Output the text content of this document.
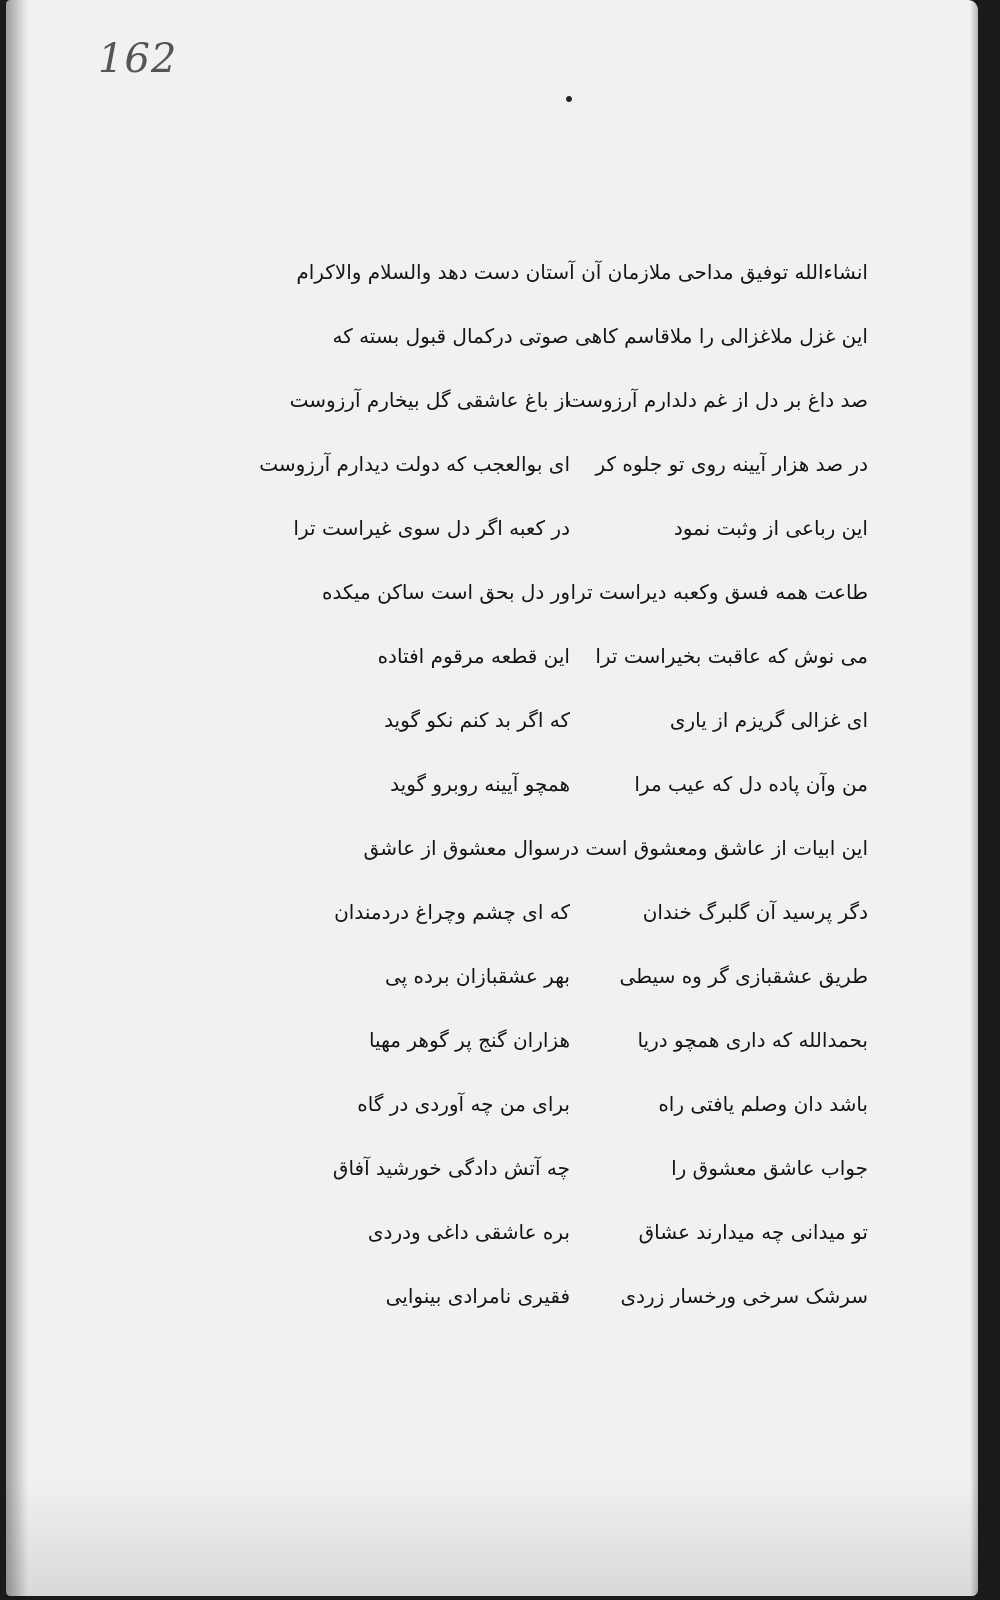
162
انشاءالله توفیق مداحی ملازمان آن آستان دست دهد والسلام والاکرام
این غزل ملاغزالی را ملاقاسم کاهی صوتی درکمال قبول بسته که
صد داغ بر دل از غم دلدارم آرزوست
از باغ عاشقی گل بیخارم آرزوست
در صد هزار آیینه روی تو جلوه کر
ای بوالعجب که دولت دیدارم آرزوست
این رباعی از وثبت نمود
در کعبه اگر دل سوی غیراست ترا
طاعت همه فسق وکعبه دیراست ترا
ور دل بحق است ساکن میکده
می نوش که عاقبت بخیراست ترا
این قطعه مرقوم افتاده
ای غزالی گریزم از یاری
که اگر بد کنم نکو گوید
من وآن پاده دل که عیب مرا
همچو آیینه روبرو گوید
این ابیات از عاشق ومعشوق است درسوال معشوق از عاشق
دگر پرسید آن گلبرگ خندان
که ای چشم وچراغ دردمندان
طریق عشقبازی گر وه سیطی
بهر عشقبازان برده پی
بحمدالله که داری همچو دریا
هزاران گنج پر گوهر مهیا
باشد دان وصلم یافتی راه
برای من چه آوردی در گاه
جواب عاشق معشوق را
چه آتش دادگی خورشید آفاق
تو میدانی چه میدارند عشاق
بره عاشقی داغی ودردی
سرشک سرخی ورخسار زردی
فقیری نامرادی بینوایی
